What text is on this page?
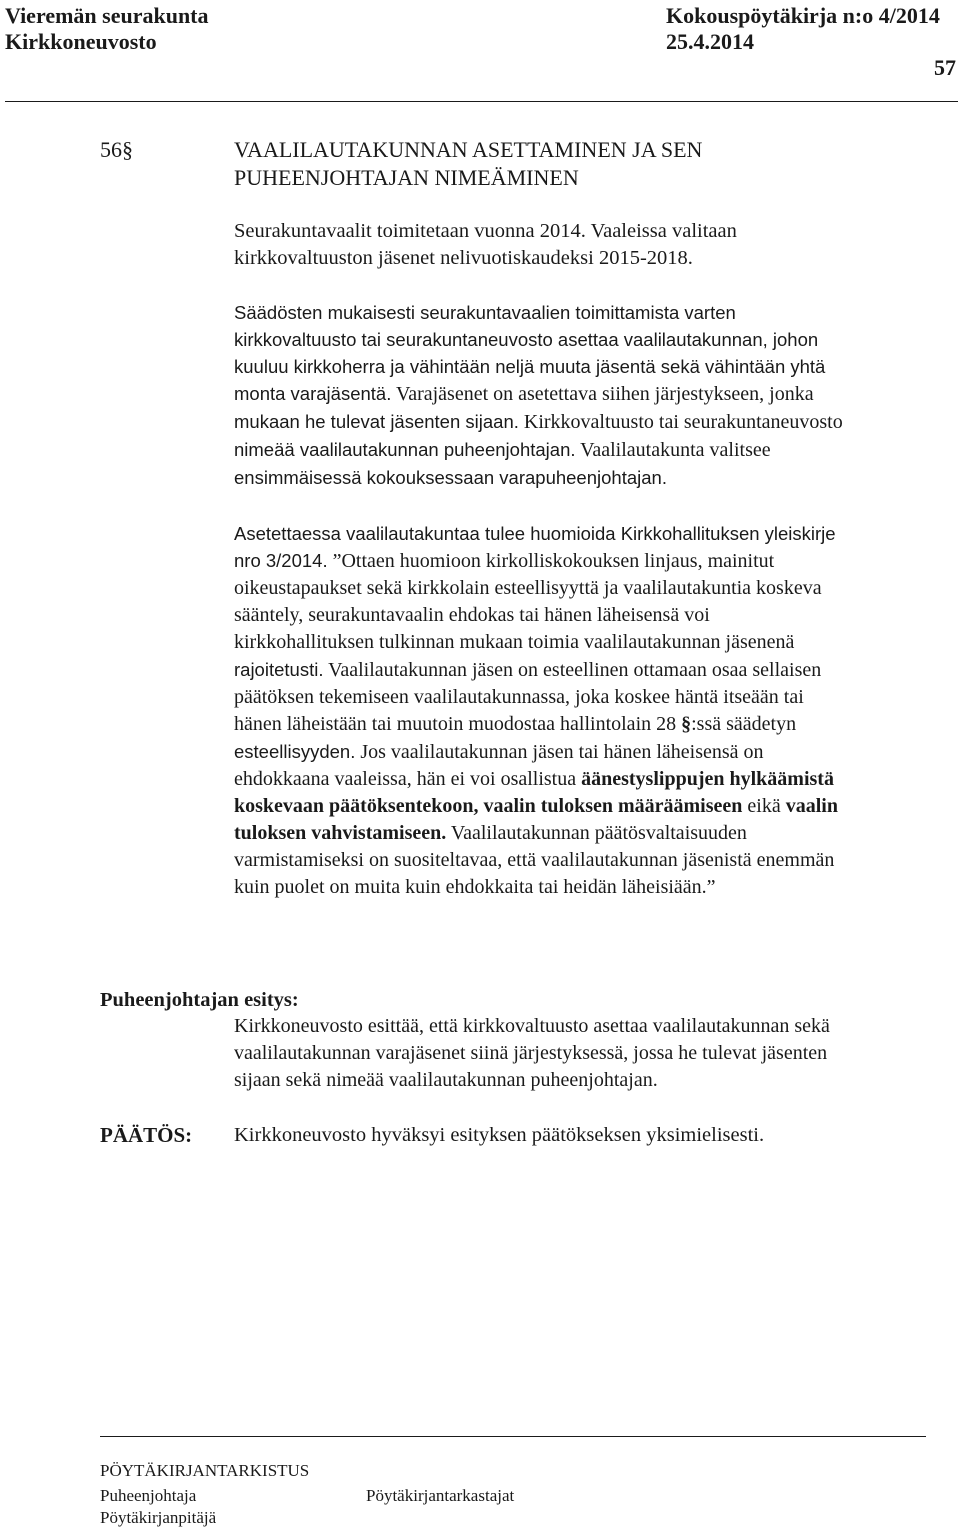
Vieremän seurakunta
Kirkkoneuvosto
Kokouspöytäkirja n:o 4/2014
25.4.2014
57
56§	VAALILAUTAKUNNAN ASETTAMINEN JA SEN
PUHEENJOHTAJAN NIMEÄMINEN

Seurakuntavaalit toimitetaan vuonna 2014. Vaaleissa valitaan

kirkkovaltuuston jäsenet nelivuotiskaudeksi 2015-2018.

Säädösten mukaisesti seurakuntavaalien toimittamista varten

kirkkovaltuusto tai seurakuntaneuvosto asettaa vaalilautakunnan, johon

kuuluu kirkkoherra ja vähintään neljä muuta jäsentä sekä vähintään yhtä

monta varajäsentä. Varajäsenet on asetettava siihen järjestykseen, jonka

mukaan he tulevat jäsenten sijaan. Kirkkovaltuusto tai seurakuntaneuvosto

nimeää vaalilautakunnan puheenjohtajan. Vaalilautakunta valitsee

ensimmäisessä kokouksessaan varapuheenjohtajan.

Asetettaessa vaalilautakuntaa tulee huomioida Kirkkohallituksen yleiskirje

nro 3/2014. ”Ottaen huomioon kirkolliskokouksen linjaus, mainitut

oikeustapaukset sekä kirkkolain esteellisyyttä ja vaalilautakuntia koskeva

sääntely, seurakuntavaalin ehdokas tai hänen läheisensä voi

kirkkohallituksen tulkinnan mukaan toimia vaalilautakunnan jäsenenä

rajoitetusti. Vaalilautakunnan jäsen on esteellinen ottamaan osaa sellaisen

päätöksen tekemiseen vaalilautakunnassa, joka koskee häntä itseään tai

hänen läheistään tai muutoin muodostaa hallintolain 28 §:ssä säädetyn

esteellisyyden. Jos vaalilautakunnan jäsen tai hänen läheisensä on

ehdokkaana vaaleissa, hän ei voi osallistua äänestyslippujen hylkäämistä

koskevaan päätöksentekoon, vaalin tuloksen määräämiseen eikä vaalin

tuloksen vahvistamiseen. Vaalilautakunnan päätösvaltaisuuden

varmistamiseksi on suositeltavaa, että vaalilautakunnan jäsenistä enemmän

kuin puolet on muita kuin ehdokkaita tai heidän läheisiään.”

Puheenjohtajan esitys:

Kirkkoneuvosto esittää, että kirkkovaltuusto asettaa vaalilautakunnan sekä

vaalilautakunnan varajäsenet siinä järjestyksessä, jossa he tulevat jäsenten

sijaan sekä nimeää vaalilautakunnan puheenjohtajan.

PÄÄTÖS: Kirkkoneuvosto hyväksyi esityksen päätökseksen yksimielisesti.
PÖYTÄKIRJANTARKISTUS
Puheenjohtaja	Pöytäkirjantarkastajat
Pöytäkirjanpitäjä
